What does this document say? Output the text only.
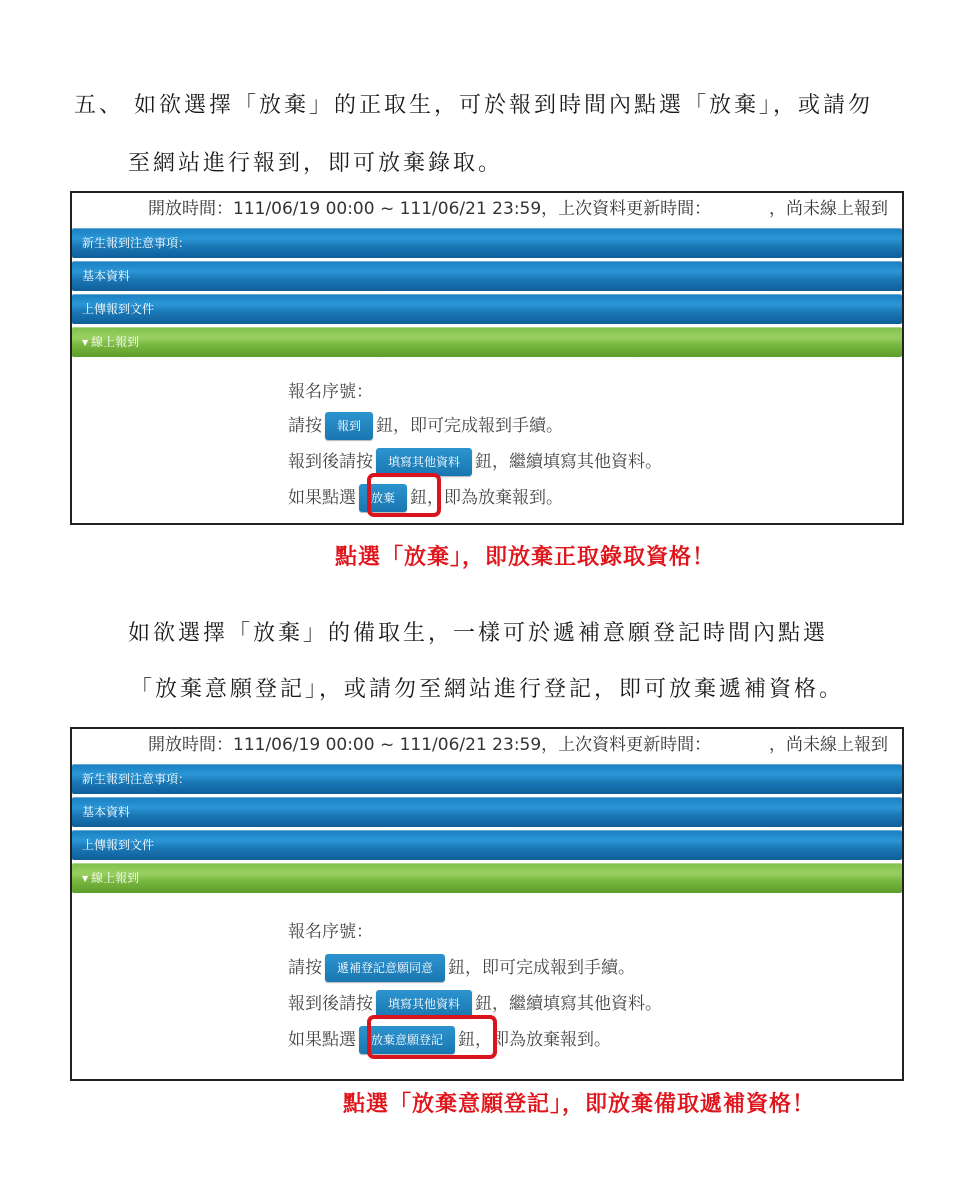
五、 如欲選擇「放棄」的正取生，可於報到時間內點選「放棄」，或請勿
至網站進行報到，即可放棄錄取。
開放時間：111/06/19 00:00 ~ 111/06/21 23:59，上次資料更新時間：	，尚未線上報到
新生報到注意事項：
基本資料
上傳報到文件
▼ 線上報到
報名序號：
請按 報到 鈕，即可完成報到手續。
報到後請按 填寫其他資料 鈕，繼續填寫其他資料。
如果點選 放棄 鈕，即為放棄報到。
點選「放棄」，即放棄正取錄取資格！
如欲選擇「放棄」的備取生，一樣可於遞補意願登記時間內點選
「放棄意願登記」，或請勿至網站進行登記，即可放棄遞補資格。
開放時間：111/06/19 00:00 ~ 111/06/21 23:59，上次資料更新時間：	，尚未線上報到
新生報到注意事項：
基本資料
上傳報到文件
▼ 線上報到
報名序號：
請按 遞補登記意願同意 鈕，即可完成報到手續。
報到後請按 填寫其他資料 鈕，繼續填寫其他資料。
如果點選 放棄意願登記 鈕，即為放棄報到。
點選「放棄意願登記」，即放棄備取遞補資格！
